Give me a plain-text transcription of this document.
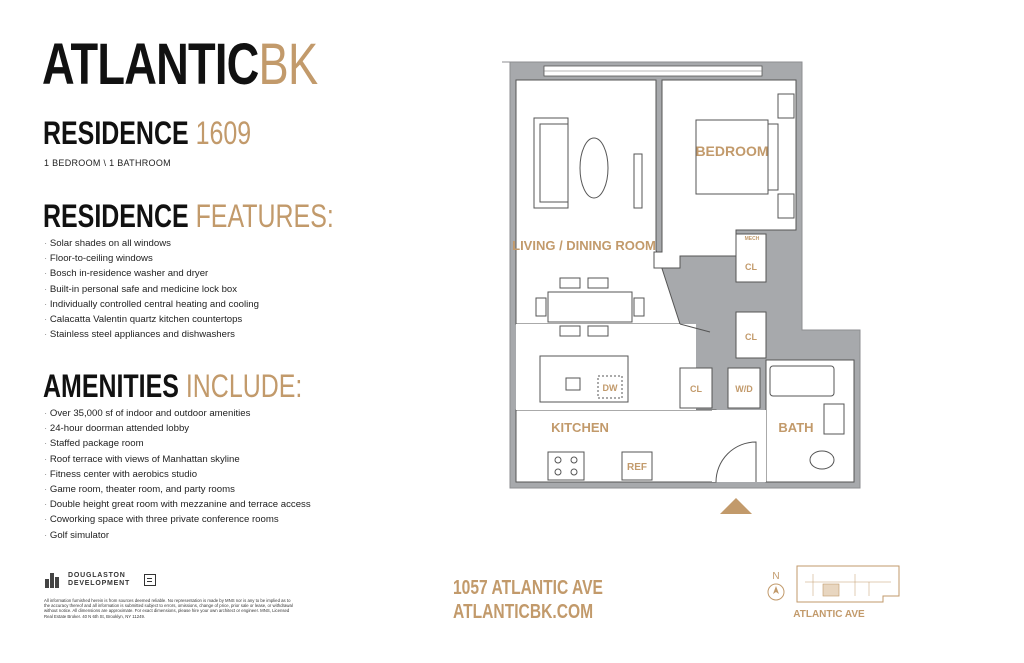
ATLANTICBK
RESIDENCE 1609
1 BEDROOM \ 1 BATHROOM
RESIDENCE FEATURES:
· Solar shades on all windows
· Floor-to-ceiling windows
· Bosch in-residence washer and dryer
· Built-in personal safe and medicine lock box
· Individually controlled central heating and cooling
· Calacatta Valentin quartz kitchen countertops
· Stainless steel appliances and dishwashers
AMENITIES INCLUDE:
· Over 35,000 sf of indoor and outdoor amenities
· 24-hour doorman attended lobby
· Staffed package room
· Roof terrace with views of Manhattan skyline
· Fitness center with aerobics studio
· Game room, theater room, and party rooms
· Double height great room with mezzanine and terrace access
· Coworking space with three private conference rooms
· Golf simulator
DOUGLASTON
DEVELOPMENT
All information furnished herein is from sources deemed reliable. No representation is made by MNS nor is any to be implied as to the accuracy thereof and all information is submitted subject to errors, omissions, change of price, prior sale or lease, or withdrawal without notice. All dimensions are approximate. For exact dimensions, please hire your own architect or engineer. MNS, Licensed Real Estate Broker. 40 N 6th St, Brooklyn, NY 11249.
1057 ATLANTIC AVE
ATLANTICBK.COM
BEDROOM
LIVING / DINING ROOM
KITCHEN	BATH
CL
CL
CL	W/D
DW
REF
MECH
N
ATLANTIC AVE
